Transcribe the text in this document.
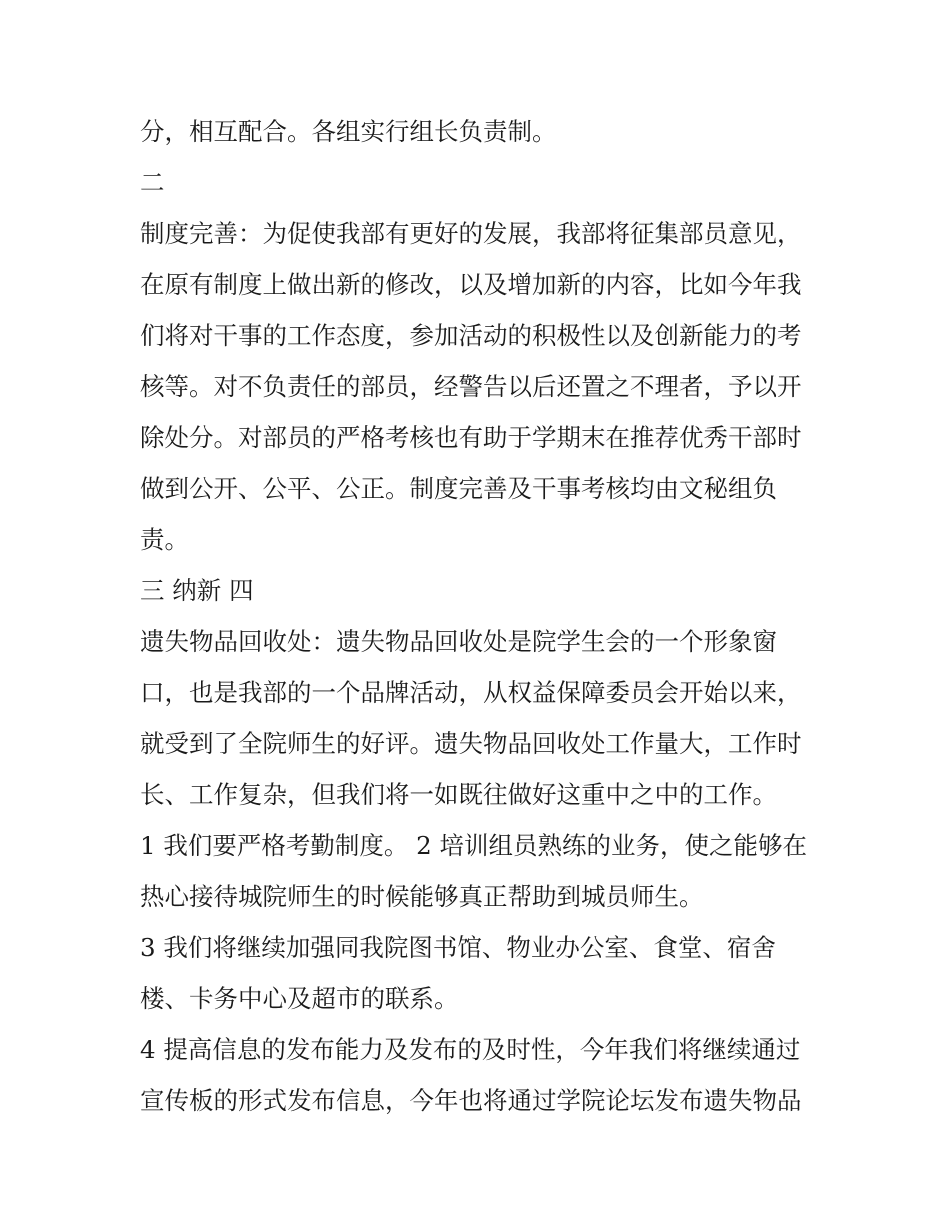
分，相互配合。各组实行组长负责制。
二
制度完善：为促使我部有更好的发展，我部将征集部员意见，
在原有制度上做出新的修改，以及增加新的内容，比如今年我
们将对干事的工作态度，参加活动的积极性以及创新能力的考
核等。对不负责任的部员，经警告以后还置之不理者，予以开
除处分。对部员的严格考核也有助于学期末在推荐优秀干部时
做到公开、公平、公正。制度完善及干事考核均由文秘组负
责。
三 纳新 四
遗失物品回收处：遗失物品回收处是院学生会的一个形象窗
口，也是我部的一个品牌活动，从权益保障委员会开始以来，
就受到了全院师生的好评。遗失物品回收处工作量大，工作时
长、工作复杂，但我们将一如既往做好这重中之中的工作。
1 我们要严格考勤制度。 2 培训组员熟练的业务，使之能够在
热心接待城院师生的时候能够真正帮助到城员师生。
3 我们将继续加强同我院图书馆、物业办公室、食堂、宿舍
楼、卡务中心及超市的联系。
4 提高信息的发布能力及发布的及时性，今年我们将继续通过
宣传板的形式发布信息，今年也将通过学院论坛发布遗失物品
